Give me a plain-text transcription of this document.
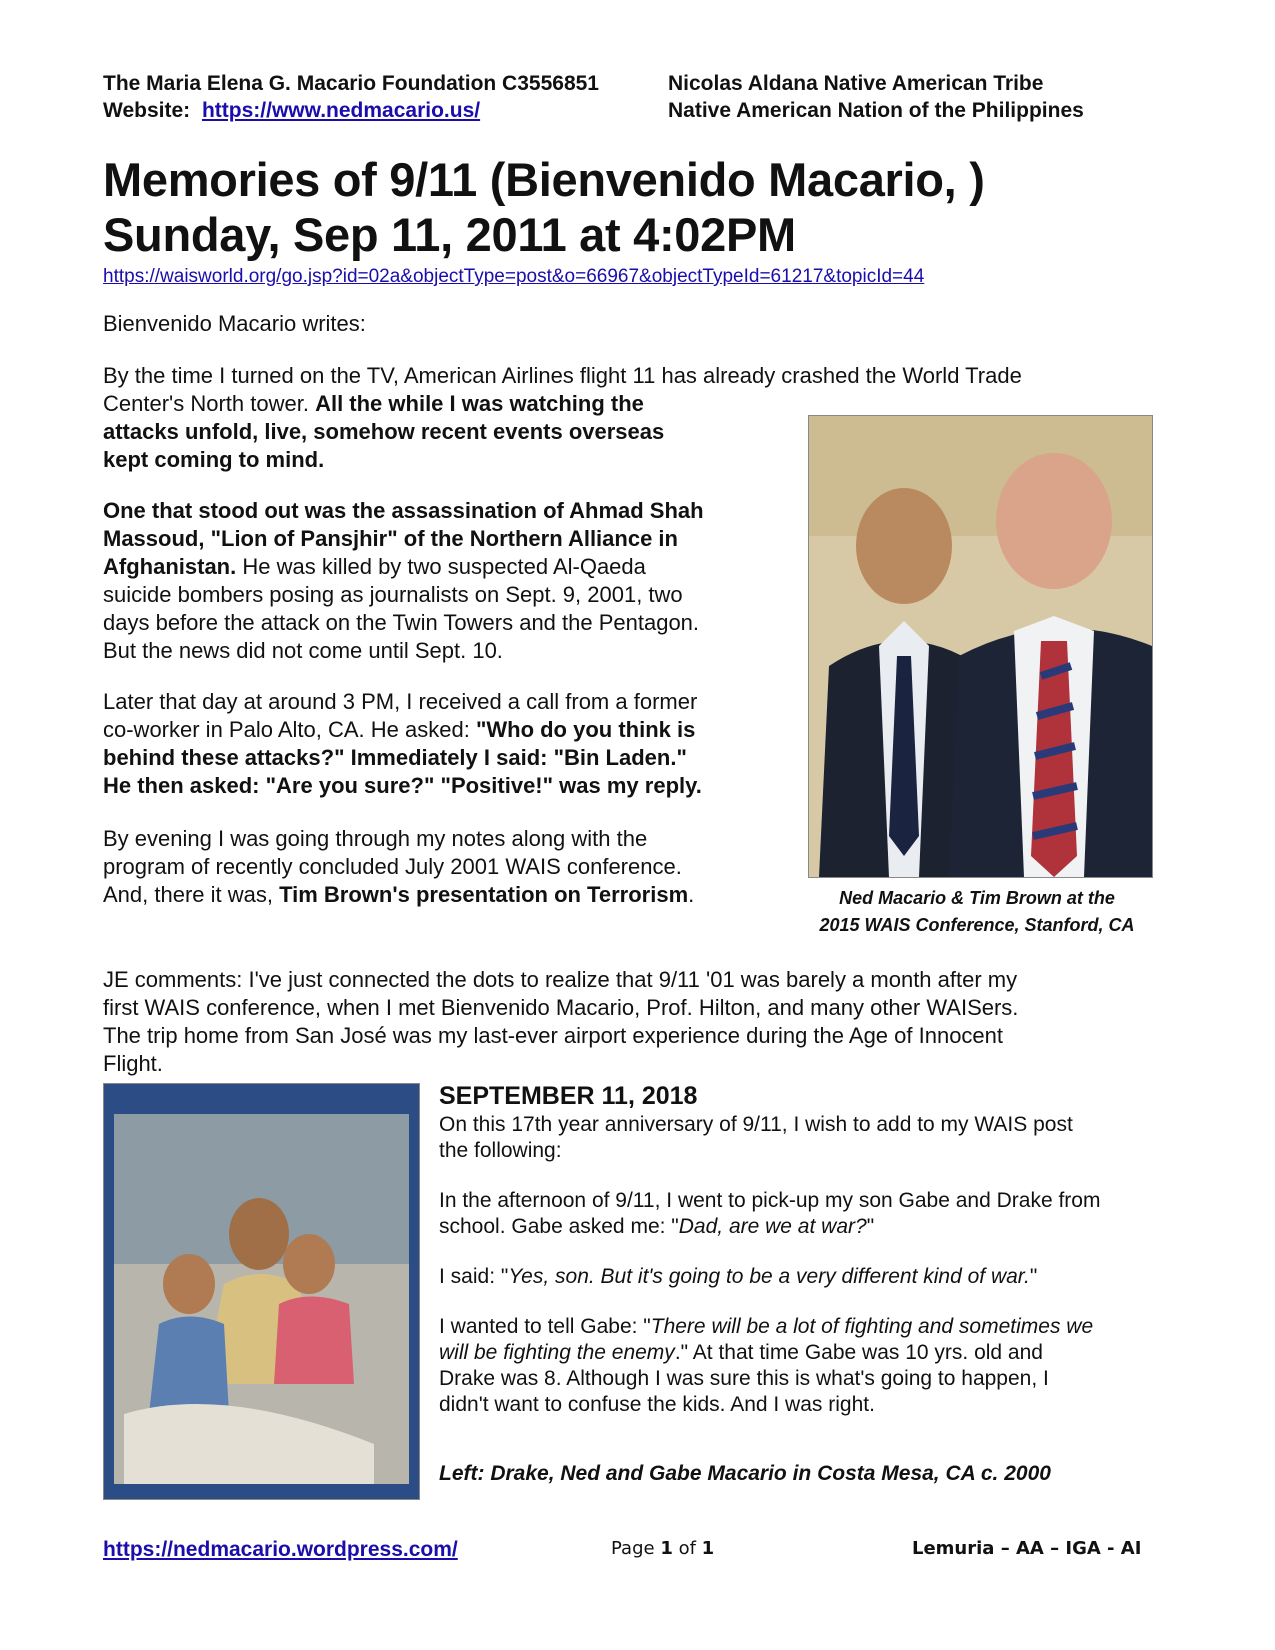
The Maria Elena G. Macario Foundation C3556851
Website: https://www.nedmacario.us/
Nicolas Aldana Native American Tribe
Native American Nation of the Philippines
Memories of 9/11 (Bienvenido Macario, )
Sunday, Sep 11, 2011 at 4:02PM
https://waisworld.org/go.jsp?id=02a&objectType=post&o=66967&objectTypeId=61217&topicId=44
Bienvenido Macario writes:
By the time I turned on the TV, American Airlines flight 11 has already crashed the World Trade
Center's North tower. All the while I was watching the
attacks unfold, live, somehow recent events overseas
kept coming to mind.
One that stood out was the assassination of Ahmad Shah
Massoud, "Lion of Pansjhir" of the Northern Alliance in
Afghanistan. He was killed by two suspected Al-Qaeda
suicide bombers posing as journalists on Sept. 9, 2001, two
days before the attack on the Twin Towers and the Pentagon.
But the news did not come until Sept. 10.
Later that day at around 3 PM, I received a call from a former
co-worker in Palo Alto, CA. He asked: "Who do you think is
behind these attacks?" Immediately I said: "Bin Laden."
He then asked: "Are you sure?" "Positive!" was my reply.
By evening I was going through my notes along with the
program of recently concluded July 2001 WAIS conference.
And, there it was, Tim Brown's presentation on Terrorism.	Ned Macario & Tim Brown at the
2015 WAIS Conference, Stanford, CA
JE comments: I've just connected the dots to realize that 9/11 '01 was barely a month after my
first WAIS conference, when I met Bienvenido Macario, Prof. Hilton, and many other WAISers.
The trip home from San José was my last-ever airport experience during the Age of Innocent
Flight.
SEPTEMBER 11, 2018
On this 17th year anniversary of 9/11, I wish to add to my WAIS post
the following:
In the afternoon of 9/11, I went to pick-up my son Gabe and Drake from
school. Gabe asked me: "Dad, are we at war?"
I said: "Yes, son. But it's going to be a very different kind of war."
I wanted to tell Gabe: "There will be a lot of fighting and sometimes we
will be fighting the enemy." At that time Gabe was 10 yrs. old and
Drake was 8. Although I was sure this is what's going to happen, I
didn't want to confuse the kids. And I was right.
Left: Drake, Ned and Gabe Macario in Costa Mesa, CA c. 2000
https://nedmacario.wordpress.com/	Page 1 of 1	Lemuria – AA – IGA - AI
